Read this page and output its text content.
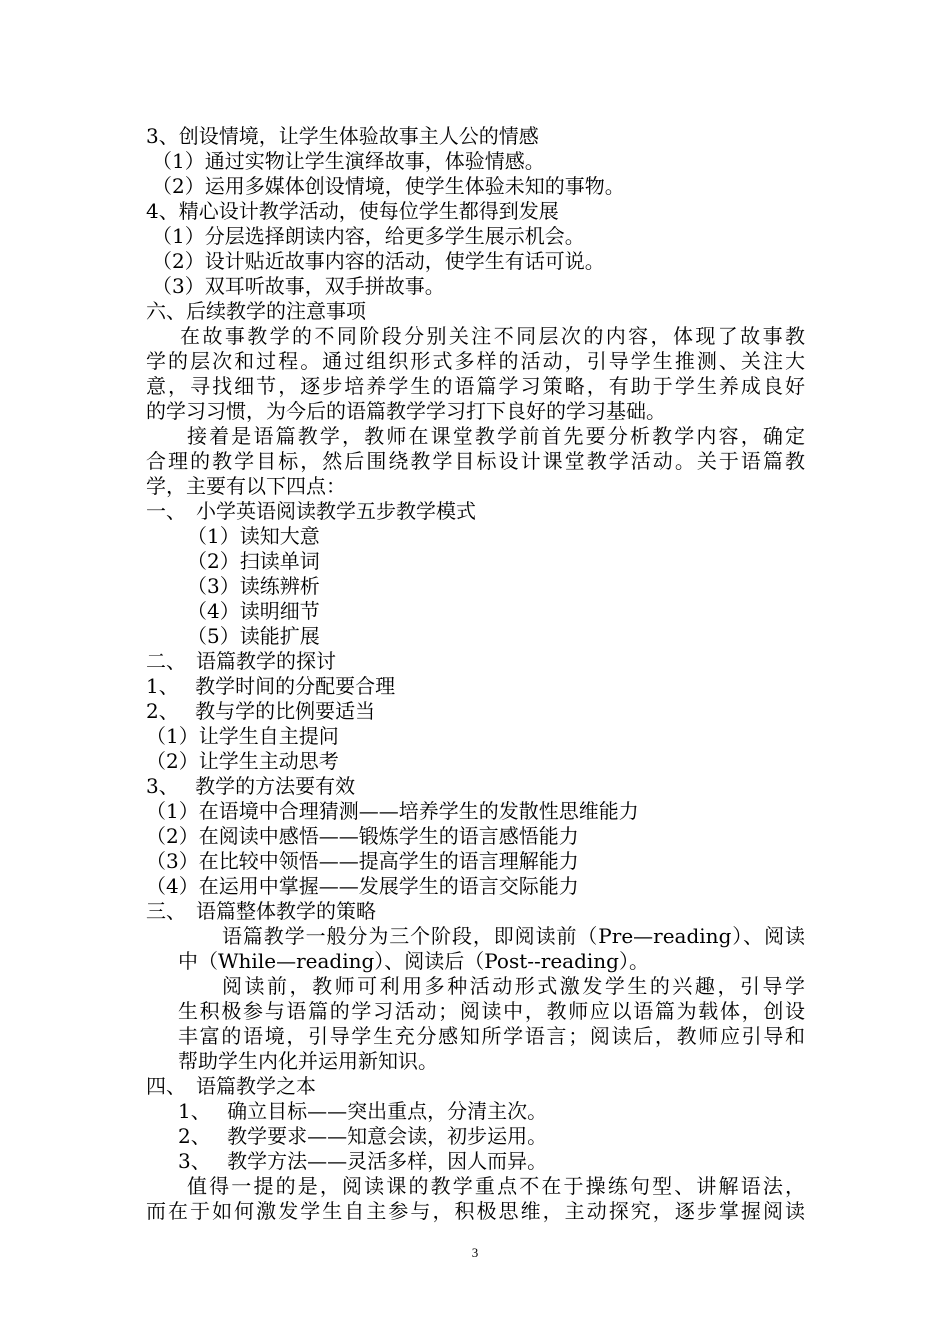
3、创设情境，让学生体验故事主人公的情感
（1）通过实物让学生演绎故事，体验情感。
（2）运用多媒体创设情境，使学生体验未知的事物。
4、精心设计教学活动，使每位学生都得到发展
（1）分层选择朗读内容，给更多学生展示机会。
（2）设计贴近故事内容的活动，使学生有话可说。
（3）双耳听故事，双手拼故事。
六、后续教学的注意事项
在故事教学的不同阶段分别关注不同层次的内容，体现了故事教
学的层次和过程。通过组织形式多样的活动，引导学生推测、关注大
意，寻找细节，逐步培养学生的语篇学习策略，有助于学生养成良好
的学习习惯，为今后的语篇教学学习打下良好的学习基础。
接着是语篇教学，教师在课堂教学前首先要分析教学内容，确定
合理的教学目标，然后围绕教学目标设计课堂教学活动。关于语篇教
学，主要有以下四点：
一、　小学英语阅读教学五步教学模式
（1）读知大意
（2）扫读单词
（3）读练辨析
（4）读明细节
（5）读能扩展
二、　语篇教学的探讨
1、　 教学时间的分配要合理
2、　 教与学的比例要适当
（1）让学生自主提问
（2）让学生主动思考
3、　 教学的方法要有效
（1）在语境中合理猜测——培养学生的发散性思维能力
（2）在阅读中感悟——锻炼学生的语言感悟能力
（3）在比较中领悟——提高学生的语言理解能力
（4）在运用中掌握——发展学生的语言交际能力
三、　语篇整体教学的策略
语篇教学一般分为三个阶段，即阅读前（Pre—reading）、阅读
中（While—reading）、阅读后（Post--reading）。
阅读前，教师可利用多种活动形式激发学生的兴趣，引导学
生积极参与语篇的学习活动；阅读中，教师应以语篇为载体，创设
丰富的语境，引导学生充分感知所学语言；阅读后，教师应引导和
帮助学生内化并运用新知识。
四、　语篇教学之本
1、　 确立目标——突出重点，分清主次。
2、　 教学要求——知意会读，初步运用。
3、　 教学方法——灵活多样，因人而异。
值得一提的是，阅读课的教学重点不在于操练句型、讲解语法，
而在于如何激发学生自主参与，积极思维，主动探究，逐步掌握阅读
3
